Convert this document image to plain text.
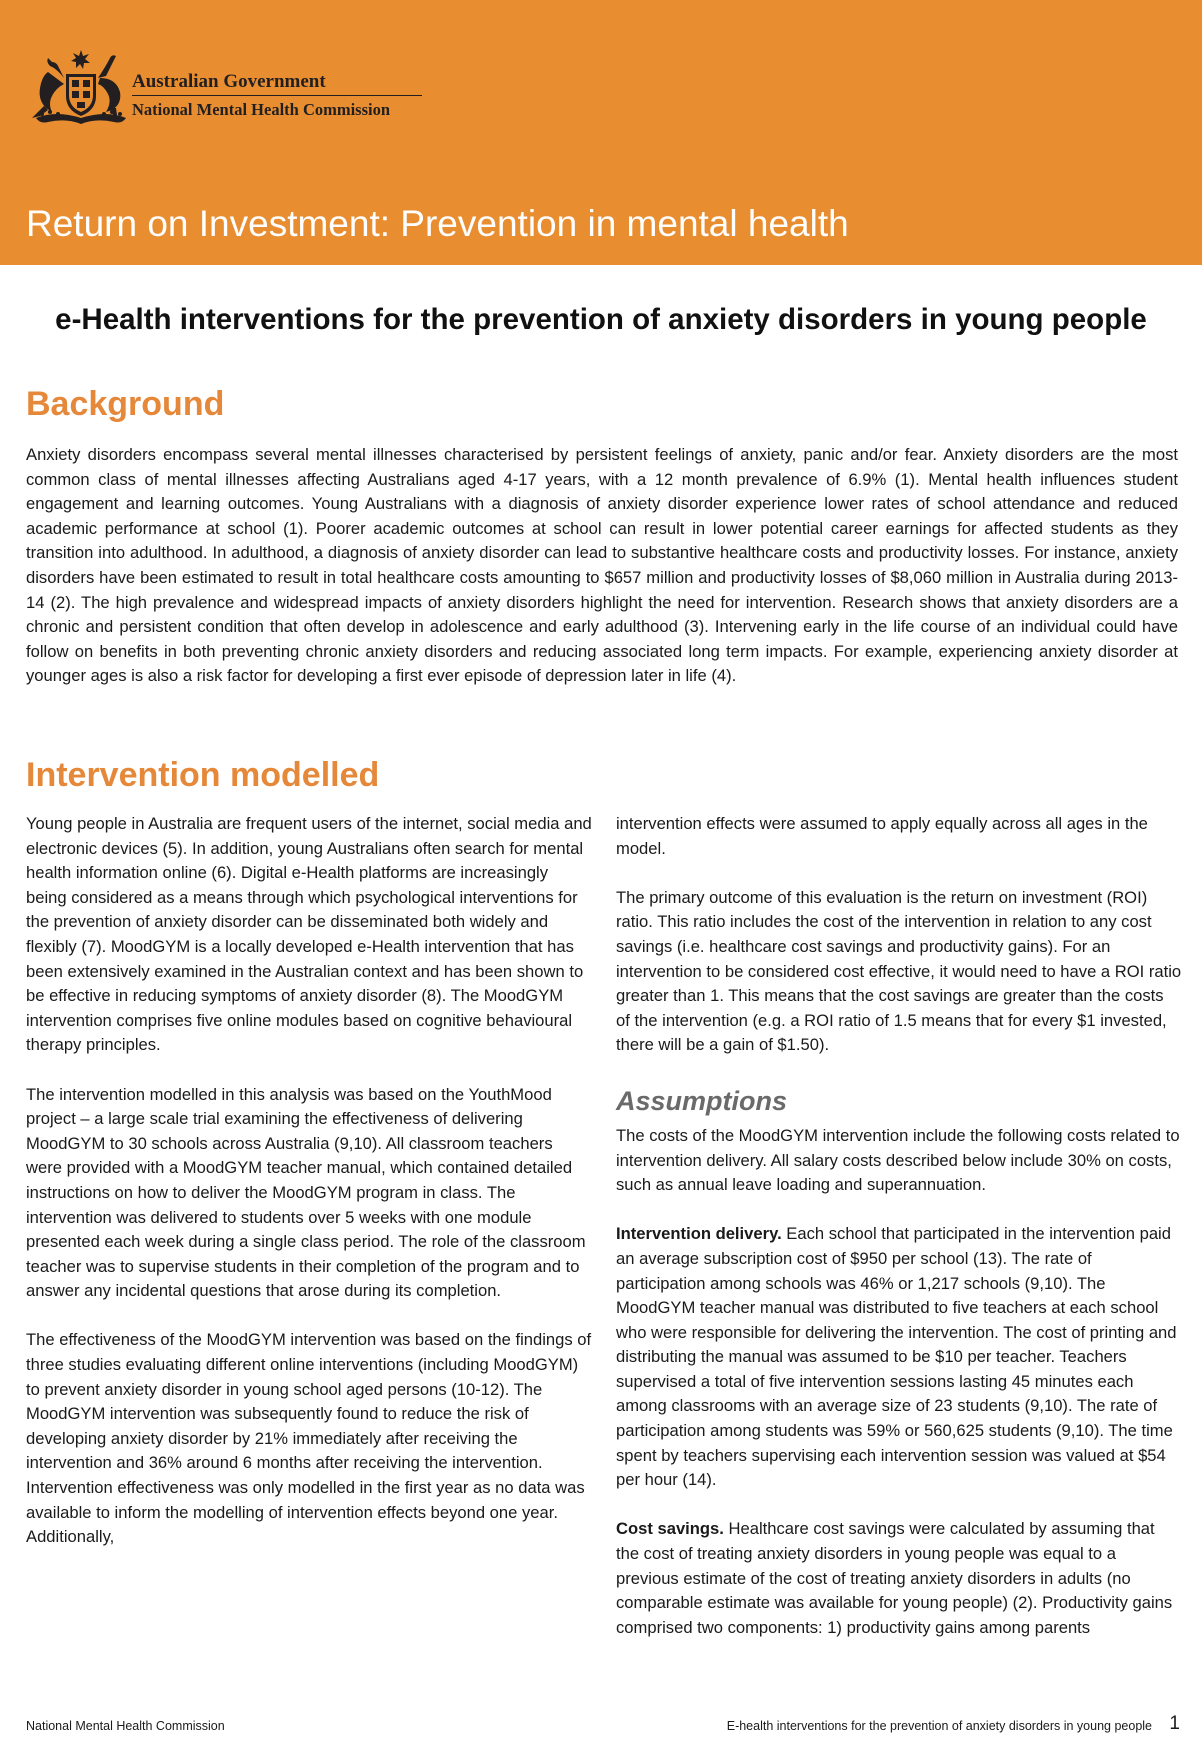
Australian Government
National Mental Health Commission
Return on Investment: Prevention in mental health
e-Health interventions for the prevention of anxiety disorders in young people
Background

Anxiety disorders encompass several mental illnesses characterised by persistent feelings of anxiety, panic and/or fear. Anxiety disorders are the most common class of mental illnesses affecting Australians aged 4-17 years, with a 12 month prevalence of 6.9% (1). Mental health influences student engagement and learning outcomes. Young Australians with a diagnosis of anxiety disorder experience lower rates of school attendance and reduced academic performance at school (1). Poorer academic outcomes at school can result in lower potential career earnings for affected students as they transition into adulthood. In adulthood, a diagnosis of anxiety disorder can lead to substantive healthcare costs and productivity losses. For instance, anxiety disorders have been estimated to result in total healthcare costs amounting to $657 million and productivity losses of $8,060 million in Australia during 2013-14 (2). The high prevalence and widespread impacts of anxiety disorders highlight the need for intervention. Research shows that anxiety disorders are a chronic and persistent condition that often develop in adolescence and early adulthood (3). Intervening early in the life course of an individual could have follow on benefits in both preventing chronic anxiety disorders and reducing associated long term impacts. For example, experiencing anxiety disorder at younger ages is also a risk factor for developing a first ever episode of depression later in life (4).

Intervention modelled

Young people in Australia are frequent users of the internet, social media and electronic devices (5). In addition, young Australians often search for mental health information online (6). Digital e-Health platforms are increasingly being considered as a means through which psychological interventions for the prevention of anxiety disorder can be disseminated both widely and flexibly (7). MoodGYM is a locally developed e-Health intervention that has been extensively examined in the Australian context and has been shown to be effective in reducing symptoms of anxiety disorder (8). The MoodGYM intervention comprises five online modules based on cognitive behavioural therapy principles.

The intervention modelled in this analysis was based on the YouthMood project – a large scale trial examining the effectiveness of delivering MoodGYM to 30 schools across Australia (9,10). All classroom teachers were provided with a MoodGYM teacher manual, which contained detailed instructions on how to deliver the MoodGYM program in class. The intervention was delivered to students over 5 weeks with one module presented each week during a single class period. The role of the classroom teacher was to supervise students in their completion of the program and to answer any incidental questions that arose during its completion.

The effectiveness of the MoodGYM intervention was based on the findings of three studies evaluating different online interventions (including MoodGYM) to prevent anxiety disorder in young school aged persons (10-12). The MoodGYM intervention was subsequently found to reduce the risk of developing anxiety disorder by 21% immediately after receiving the intervention and 36% around 6 months after receiving the intervention. Intervention effectiveness was only modelled in the first year as no data was available to inform the modelling of intervention effects beyond one year. Additionally,

intervention effects were assumed to apply equally across all ages in the model.

The primary outcome of this evaluation is the return on investment (ROI) ratio. This ratio includes the cost of the intervention in relation to any cost savings (i.e. healthcare cost savings and productivity gains). For an intervention to be considered cost effective, it would need to have a ROI ratio greater than 1. This means that the cost savings are greater than the costs of the intervention (e.g. a ROI ratio of 1.5 means that for every $1 invested, there will be a gain of $1.50).

Assumptions

The costs of the MoodGYM intervention include the following costs related to intervention delivery. All salary costs described below include 30% on costs, such as annual leave loading and superannuation.

Intervention delivery. Each school that participated in the intervention paid an average subscription cost of $950 per school (13). The rate of participation among schools was 46% or 1,217 schools (9,10). The MoodGYM teacher manual was distributed to five teachers at each school who were responsible for delivering the intervention. The cost of printing and distributing the manual was assumed to be $10 per teacher. Teachers supervised a total of five intervention sessions lasting 45 minutes each among classrooms with an average size of 23 students (9,10). The rate of participation among students was 59% or 560,625 students (9,10). The time spent by teachers supervising each intervention session was valued at $54 per hour (14).

Cost savings. Healthcare cost savings were calculated by assuming that the cost of treating anxiety disorders in young people was equal to a previous estimate of the cost of treating anxiety disorders in adults (no comparable estimate was available for young people) (2). Productivity gains comprised two components: 1) productivity gains among parents

National Mental Health Commission	E-health interventions for the prevention of anxiety disorders in young people 1
